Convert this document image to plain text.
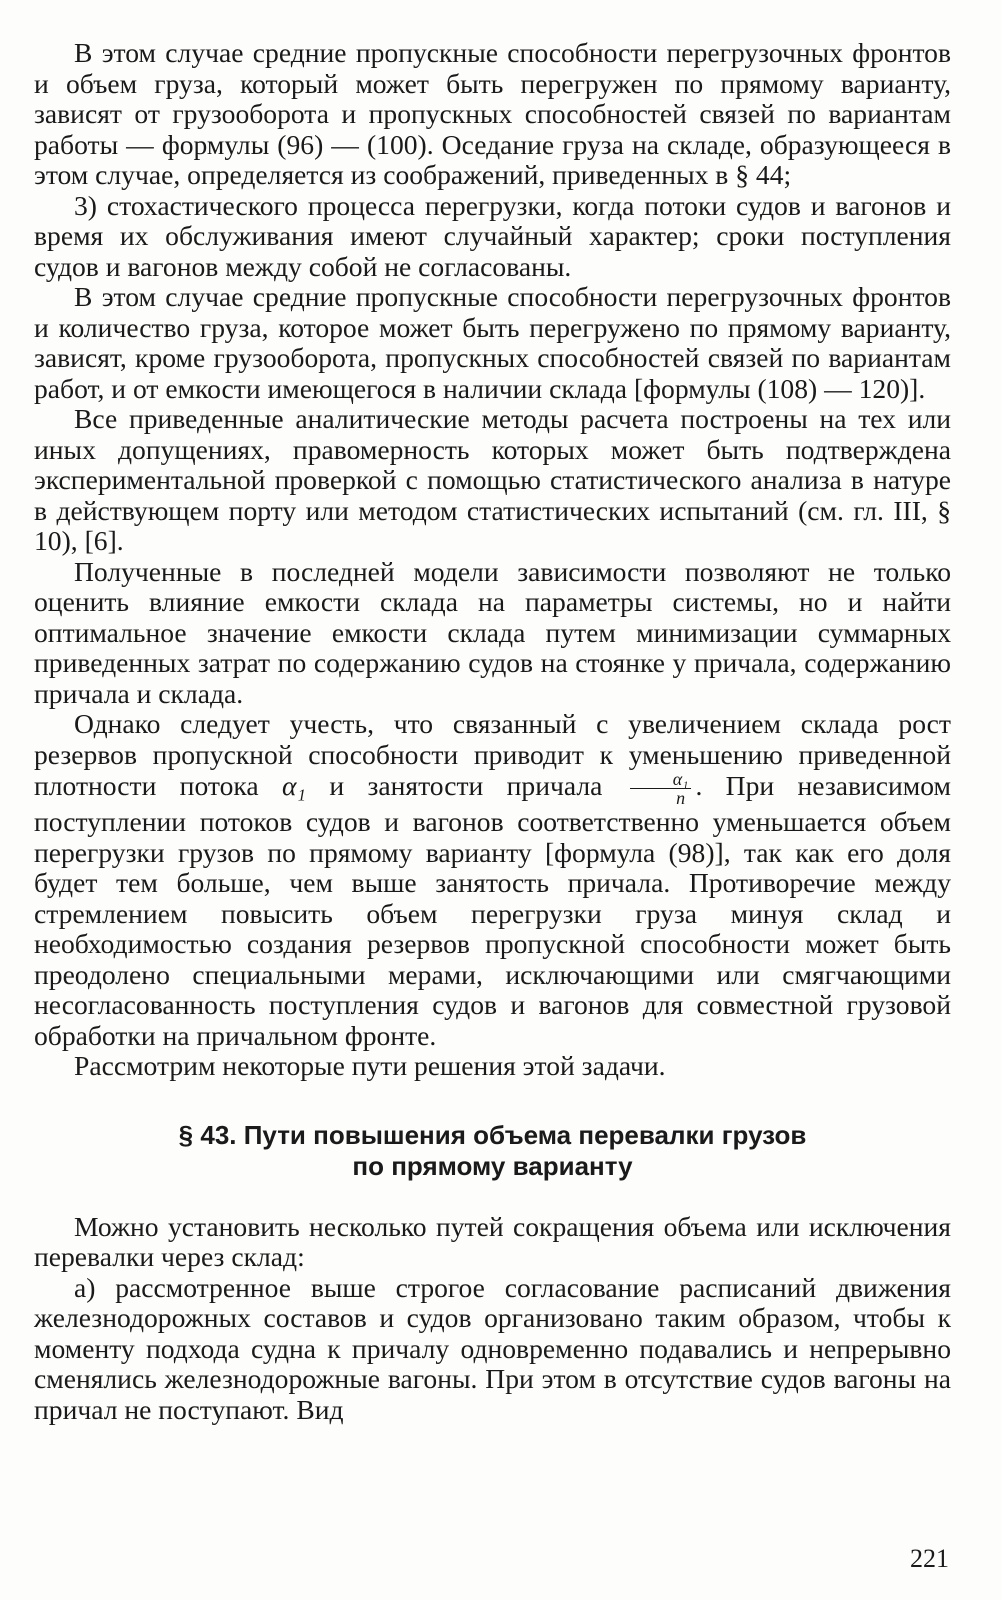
В этом случае средние пропускные способности перегрузочных фронтов и объем груза, который может быть перегружен по прямому варианту, зависят от грузооборота и пропускных способностей связей по вариантам работы — формулы (96) — (100). Оседание груза на складе, образующееся в этом случае, определяется из соображений, приведенных в § 44;

3) стохастического процесса перегрузки, когда потоки судов и вагонов и время их обслуживания имеют случайный характер; сроки поступления судов и вагонов между собой не согласованы.

В этом случае средние пропускные способности перегрузочных фронтов и количество груза, которое может быть перегружено по прямому варианту, зависят, кроме грузооборота, пропускных способностей связей по вариантам работ, и от емкости имеющегося в наличии склада [формулы (108) — 120)].

Все приведенные аналитические методы расчета построены на тех или иных допущениях, правомерность которых может быть подтверждена экспериментальной проверкой с помощью статистического анализа в натуре в действующем порту или методом статистических испытаний (см. гл. III, § 10), [6].

Полученные в последней модели зависимости позволяют не только оценить влияние емкости склада на параметры системы, но и найти оптимальное значение емкости склада путем минимизации суммарных приведенных затрат по содержанию судов на стоянке у причала, содержанию причала и склада.

Однако следует учесть, что связанный с увеличением склада рост резервов пропускной способности приводит к уменьшению приведенной плотности потока α₁ и занятости причала $\frac{\text{α₁}}{n}$ . При независимом поступлении потоков судов и вагонов соответственно уменьшается объем перегрузки грузов по прямому варианту [формула (98)], так как его доля будет тем больше, чем выше занятость причала. Противоречие между стремлением повысить объем перегрузки груза минуя склад и необходимостью создания резервов пропускной способности может быть преодолено специальными мерами, исключающими или смягчающими несогласованность поступления судов и вагонов для совместной грузовой обработки на причальном фронте.

Рассмотрим некоторые пути решения этой задачи.

§ 43. Пути повышения объема перевалки грузов
по прямому варианту

Можно установить несколько путей сокращения объема или исключения перевалки через склад:

а) рассмотренное выше строгое согласование расписаний движения железнодорожных составов и судов организовано таким образом, чтобы к моменту подхода судна к причалу одновременно подавались и непрерывно сменялись железнодорожные вагоны. При этом в отсутствие судов вагоны на причал не поступают. Вид

221
